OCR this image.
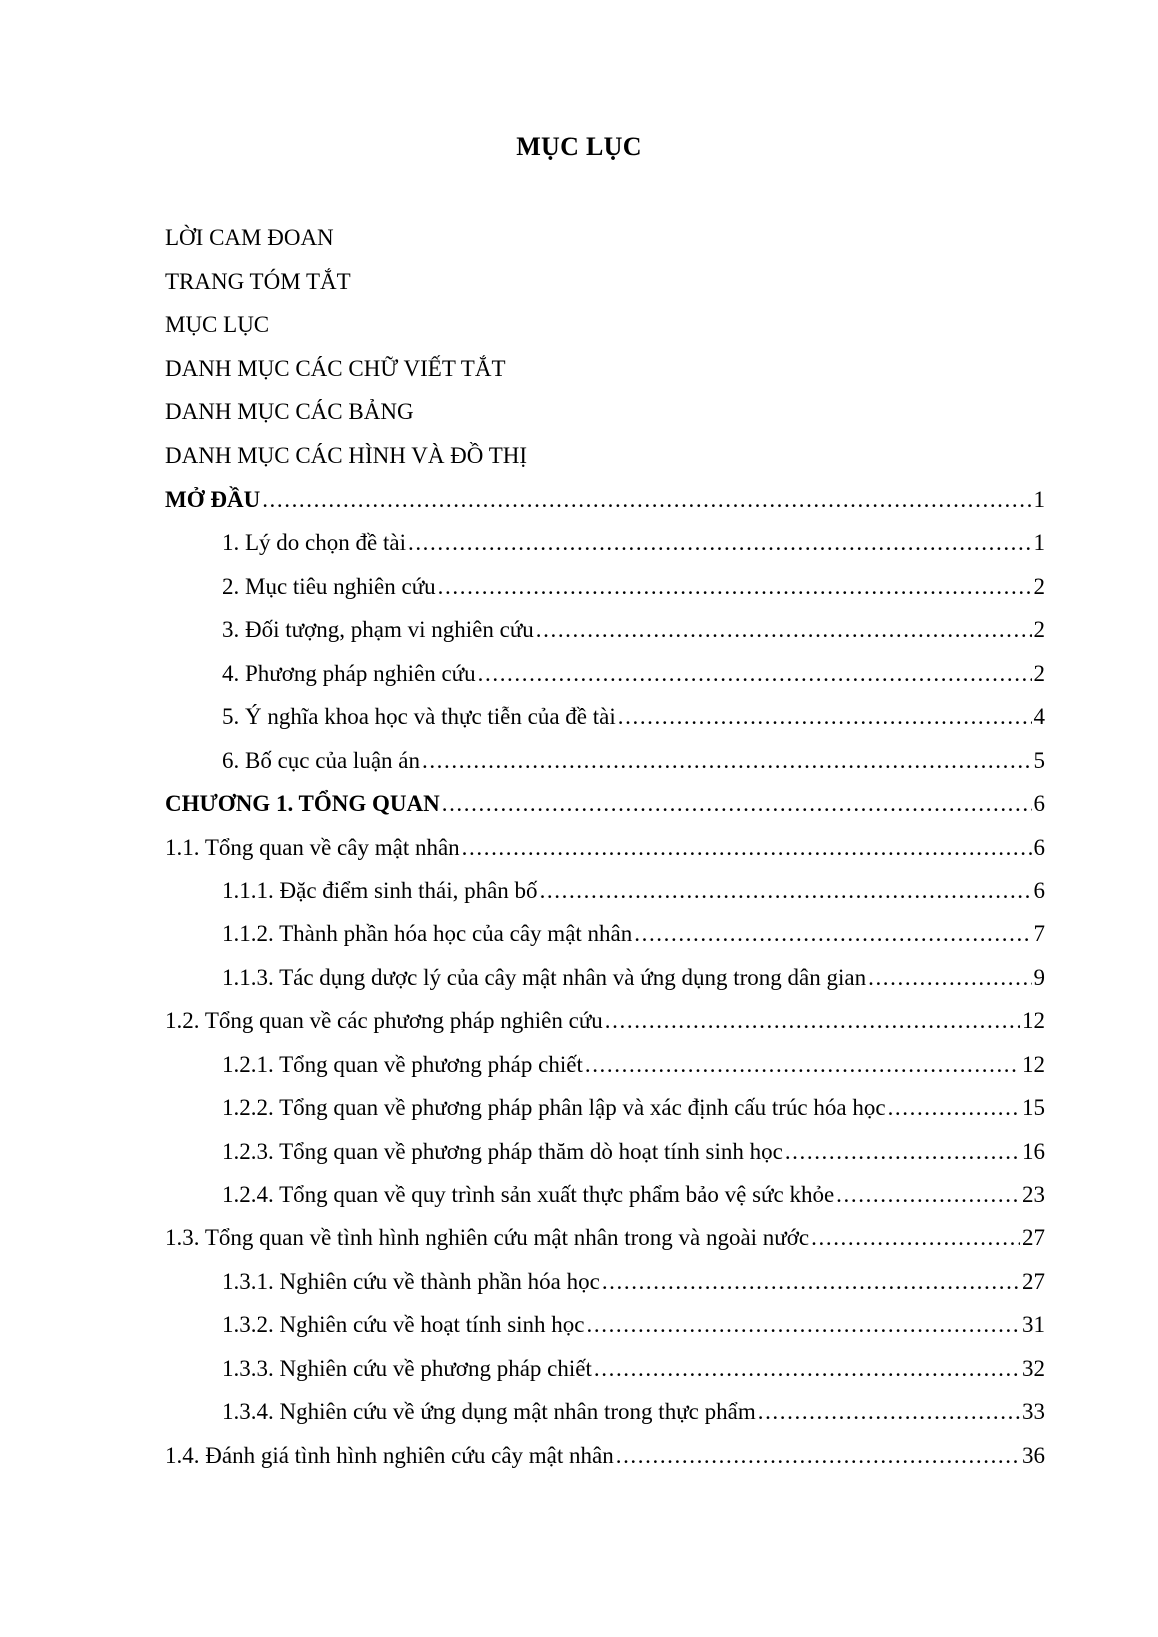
MỤC LỤC
LỜI CAM ĐOAN
TRANG TÓM TẮT
MỤC LỤC
DANH MỤC CÁC CHỮ VIẾT TẮT
DANH MỤC CÁC BẢNG
DANH MỤC CÁC HÌNH VÀ ĐỒ THỊ
MỞ ĐẦU .....	1
1. Lý do chọn đề tài .....	1
2. Mục tiêu nghiên cứu .....	2
3. Đối tượng, phạm vi nghiên cứu .....	2
4. Phương pháp nghiên cứu .....	2
5. Ý nghĩa khoa học và thực tiễn của đề tài .....	4
6. Bố cục của luận án .....	5
CHƯƠNG 1. TỔNG QUAN .....	6
1.1. Tổng quan về cây mật nhân .....	6
1.1.1. Đặc điểm sinh thái, phân bố .....	6
1.1.2. Thành phần hóa học của cây mật nhân .....	7
1.1.3. Tác dụng dược lý của cây mật nhân và ứng dụng trong dân gian .....	9
1.2. Tổng quan về các phương pháp nghiên cứu .....	12
1.2.1. Tổng quan về phương pháp chiết .....	12
1.2.2. Tổng quan về phương pháp phân lập và xác định cấu trúc hóa học .....	15
1.2.3. Tổng quan về phương pháp thăm dò hoạt tính sinh học .....	16
1.2.4. Tổng quan về quy trình sản xuất thực phẩm bảo vệ sức khỏe .....	23
1.3. Tổng quan về tình hình nghiên cứu mật nhân trong và ngoài nước .....	27
1.3.1. Nghiên cứu về thành phần hóa học .....	27
1.3.2. Nghiên cứu về hoạt tính sinh học .....	31
1.3.3. Nghiên cứu về phương pháp chiết .....	32
1.3.4. Nghiên cứu về ứng dụng mật nhân trong thực phẩm .....	33
1.4. Đánh giá tình hình nghiên cứu cây mật nhân .....	36
